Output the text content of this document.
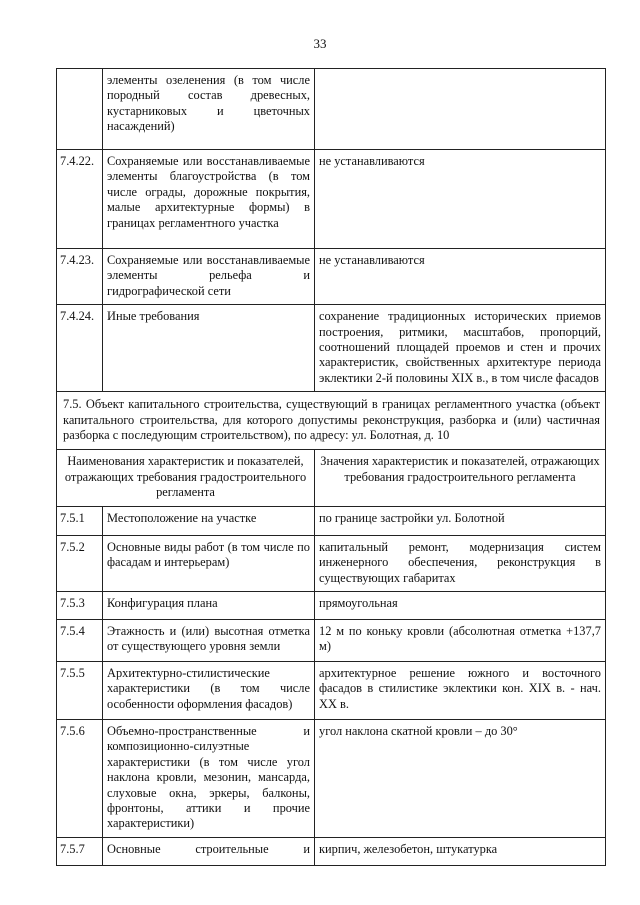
33
	элементы озеленения (в том числе породный состав древесных, кустарниковых и цветочных насаждений)	
7.4.22.	Сохраняемые или восстанавливаемые элементы благоустройства (в том числе ограды, дорожные покрытия, малые архитектурные формы) в границах регламентного участка	не устанавливаются
7.4.23.	Сохраняемые или восстанавливаемые элементы рельефа и гидрографической сети	не устанавливаются
7.4.24.	Иные требования	сохранение традиционных исторических приемов построения, ритмики, масштабов, пропорций, соотношений площадей проемов и стен и прочих характеристик, свойственных архитектуре периода эклектики 2-й половины XIX в., в том числе фасадов
7.5. Объект капитального строительства, существующий в границах регламентного участка (объект капитального строительства, для которого допустимы реконструкция, разборка и (или) частичная разборка с последующим строительством), по адресу: ул. Болотная, д. 10		
Наименования характеристик и показателей, отражающих требования градостроительного регламента		Значения характеристик и показателей, отражающих требования градостроительного регламента
7.5.1	Местоположение на участке	по границе застройки ул. Болотной
7.5.2	Основные виды работ (в том числе по фасадам и интерьерам)	капитальный ремонт, модернизация систем инженерного обеспечения, реконструкция в существующих габаритах
7.5.3	Конфигурация плана	прямоугольная
7.5.4	Этажность и (или) высотная отметка от существующего уровня земли	12 м по коньку кровли (абсолютная отметка +137,7 м)
7.5.5	Архитектурно-стилистические характеристики (в том числе особенности оформления фасадов)	архитектурное решение южного и восточного фасадов в стилистике эклектики кон. XIX в. - нач. XX в.
7.5.6	Объемно-пространственные и композиционно-силуэтные характеристики (в том числе угол наклона кровли, мезонин, мансарда, слуховые окна, эркеры, балконы, фронтоны, аттики и прочие характеристики)	угол наклона скатной кровли – до 30°
7.5.7	Основные строительные и	кирпич, железобетон, штукатурка
